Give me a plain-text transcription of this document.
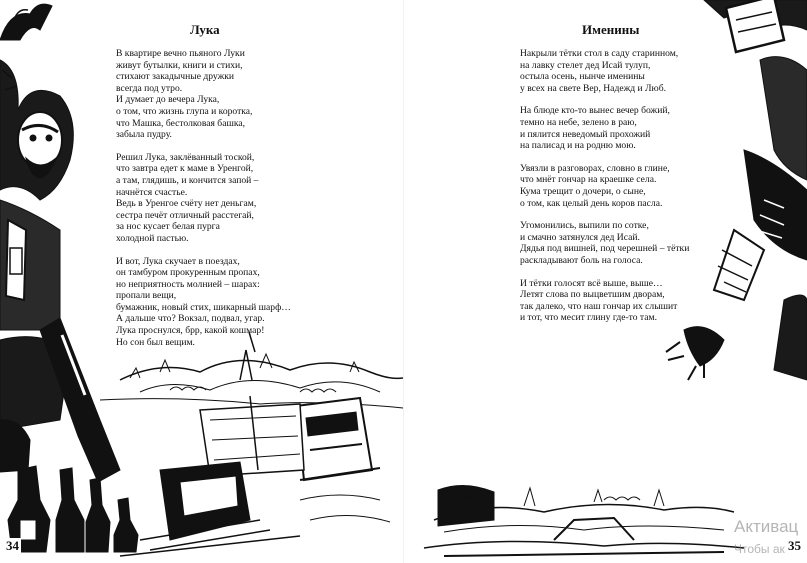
Лука
В квартире вечно пьяного Луки
живут бутылки, книги и стихи,
стихают закадычные дружки
всегда под утро.
И думает до вечера Лука,
о том, что жизнь глупа и коротка,
что Машка, бестолковая башка,
забыла пудру.
Решил Лука, заклёванный тоской,
что завтра едет к маме в Уренгой,
а там, глядишь, и кончится запой –
начнётся счастье.
Ведь в Уренгое счёту нет деньгам,
сестра печёт отличный расстегай,
за нос кусает белая пурга
холодной пастью.
И вот, Лука скучает в поездах,
он тамбуром прокуренным пропах,
но неприятность молнией – шарах:
пропали вещи,
бумажник, новый стих, шикарный шарф…
А дальше что? Вокзал, подвал, угар.
Лука проснулся, брр, какой кошмар!
Но сон был вещим.
34
Именины
Накрыли тётки стол в саду старинном,
на лавку стелет дед Исай тулуп,
остыла осень, нынче именины
у всех на свете Вер, Надежд и Люб.
На блюде кто-то вынес вечер божий,
темно на небе, зелено в раю,
и пялится неведомый прохожий
на палисад и на родню мою.
Увязли в разговорах, словно в глине,
что мнёт гончар на краешке села.
Кума трещит о дочери, о сыне,
о том, как целый день коров пасла.
Угомонились, выпили по сотке,
и смачно затянулся дед Исай.
Дядья под вишней, под черешней – тётки
раскладывают боль на голоса.
И тётки голосят всё выше, выше…
Летят слова по выцветшим дворам,
так далеко, что наш гончар их слышит
и тот, что месит глину где-то там.
35
Активац
Чтобы ак
